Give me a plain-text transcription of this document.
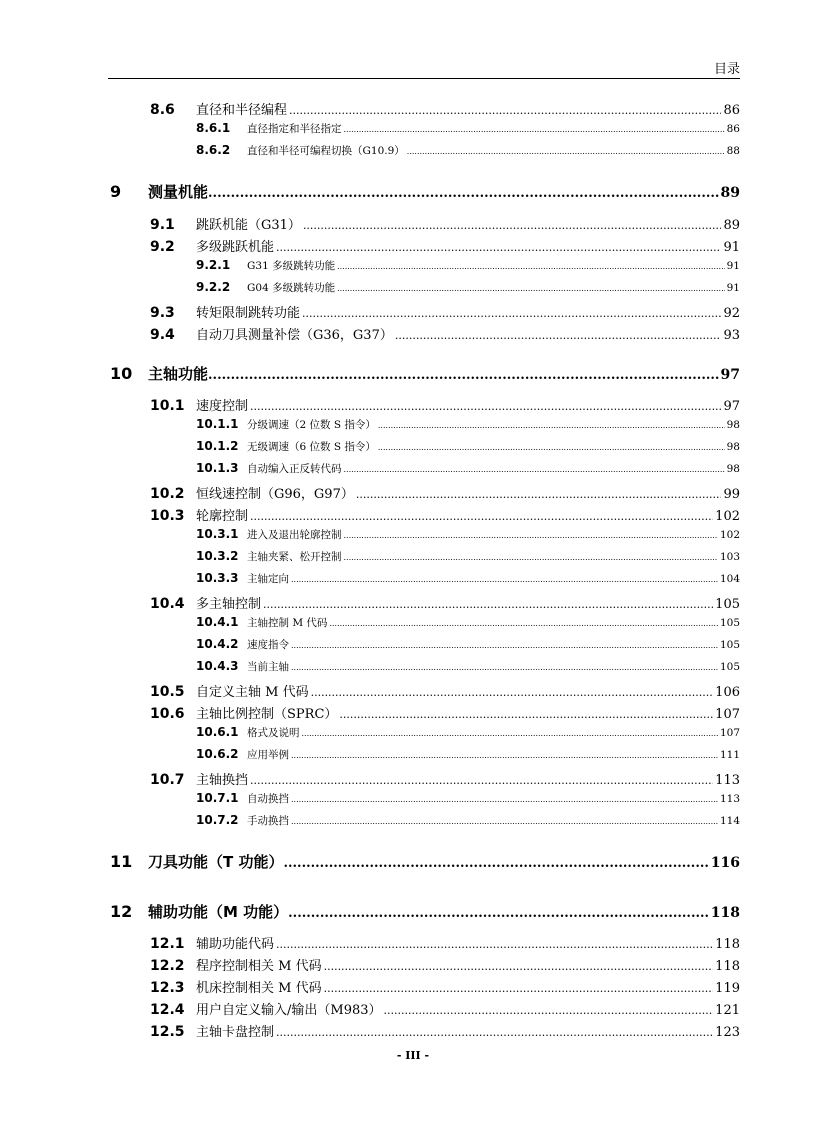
目录
8.6	直径和半径编程 .....	86
8.6.1	直径指定和半径指定 .....	86
8.6.2	直径和半径可编程切换（G10.9） .....	88
9	测量机能 .....	89
9.1	跳跃机能（G31） .....	89
9.2	多级跳跃机能 .....	91
9.2.1	G31 多级跳转功能 .....	91
9.2.2	G04 多级跳转功能 .....	91
9.3	转矩限制跳转功能 .....	92
9.4	自动刀具测量补偿（G36，G37） .....	93
10	主轴功能 .....	97
10.1 速度控制 .....	97
10.1.1 分级调速（2 位数 S 指令） .....	98
10.1.2 无级调速（6 位数 S 指令） .....	98
10.1.3 自动编入正反转代码 .....	98
10.2 恒线速控制（G96，G97） .....	99
10.3 轮廓控制 .....	102
10.3.1 进入及退出轮廓控制 .....	102
10.3.2 主轴夹紧、松开控制 .....	103
10.3.3 主轴定向 .....	104
10.4 多主轴控制 .....	105
10.4.1 主轴控制 M 代码 .....	105
10.4.2 速度指令 .....	105
10.4.3 当前主轴 .....	105
10.5 自定义主轴 M 代码 .....	106
10.6 主轴比例控制（SPRC） .....	107
10.6.1 格式及说明 .....	107
10.6.2 应用举例 .....	111
10.7 主轴换挡 .....	113
10.7.1 自动换挡 .....	113
10.7.2 手动换挡 .....	114
11	刀具功能（T 功能） .....	116
12	辅助功能（M 功能） .....	118
12.1 辅助功能代码 .....	118
12.2 程序控制相关 M 代码 .....	118
12.3 机床控制相关 M 代码 .....	119
12.4 用户自定义输入/输出（M983） .....	121
12.5 主轴卡盘控制 .....	123
- III -
